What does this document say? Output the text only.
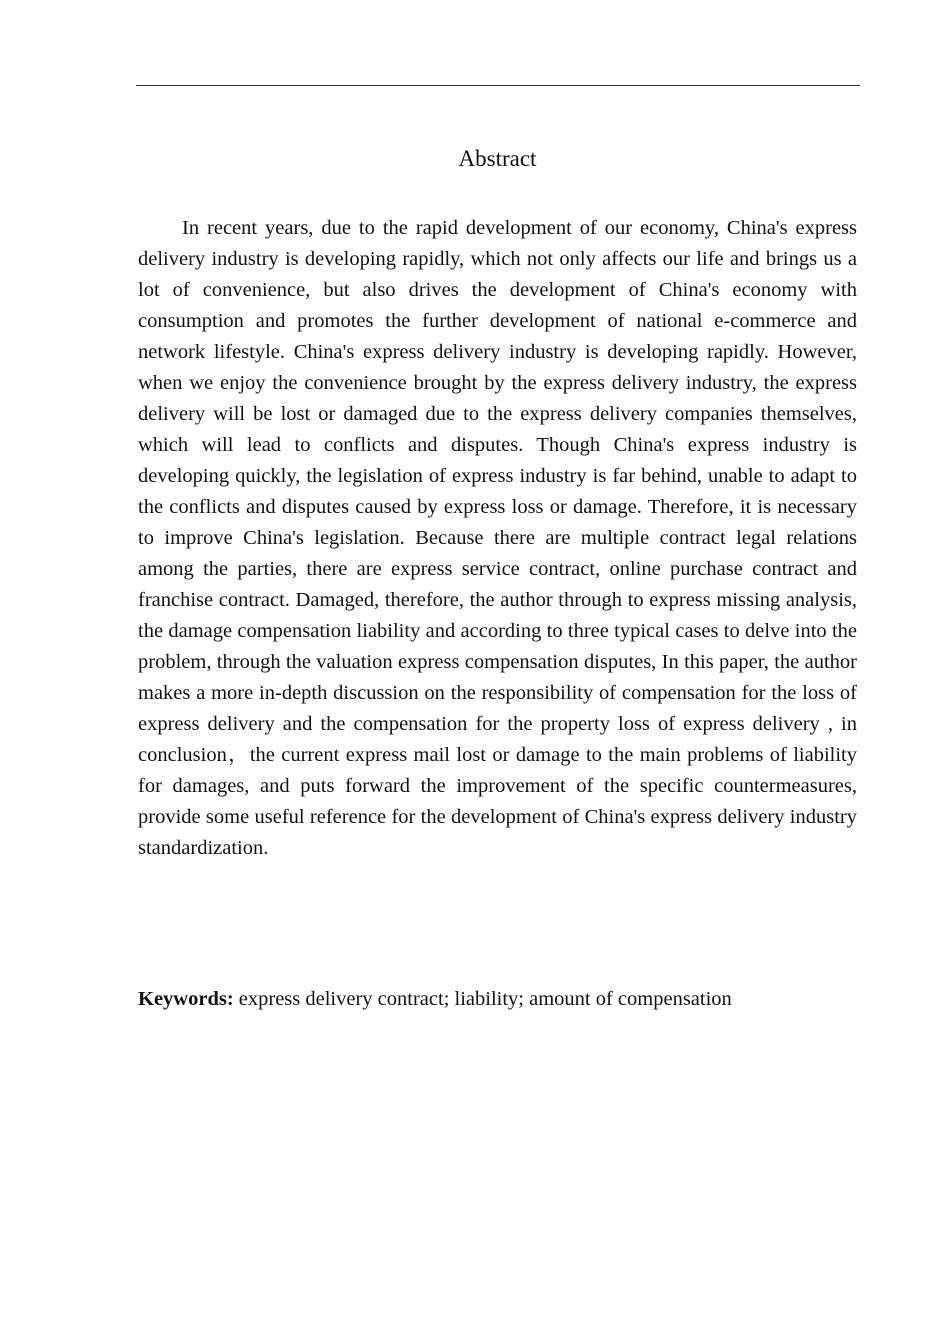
Abstract

In recent years, due to the rapid development of our economy, China's express delivery industry is developing rapidly, which not only affects our life and brings us a lot of convenience, but also drives the development of China's economy with consumption and promotes the further development of national e-commerce and network lifestyle. China's express delivery industry is developing rapidly. However, when we enjoy the convenience brought by the express delivery industry, the express delivery will be lost or damaged due to the express delivery companies themselves, which will lead to conflicts and disputes. Though China's express industry is developing quickly, the legislation of express industry is far behind, unable to adapt to the conflicts and disputes caused by express loss or damage. Therefore, it is necessary to improve China's legislation. Because there are multiple contract legal relations among the parties, there are express service contract, online purchase contract and franchise contract. Damaged, therefore, the author through to express missing analysis, the damage compensation liability and according to three typical cases to delve into the problem, through the valuation express compensation disputes, In this paper, the author makes a more in-depth discussion on the responsibility of compensation for the loss of express delivery and the compensation for the property loss of express delivery , in conclusion，the current express mail lost or damage to the main problems of liability for damages, and puts forward the improvement of the specific countermeasures, provide some useful reference for the development of China's express delivery industry standardization.

Keywords: express delivery contract; liability; amount of compensation
